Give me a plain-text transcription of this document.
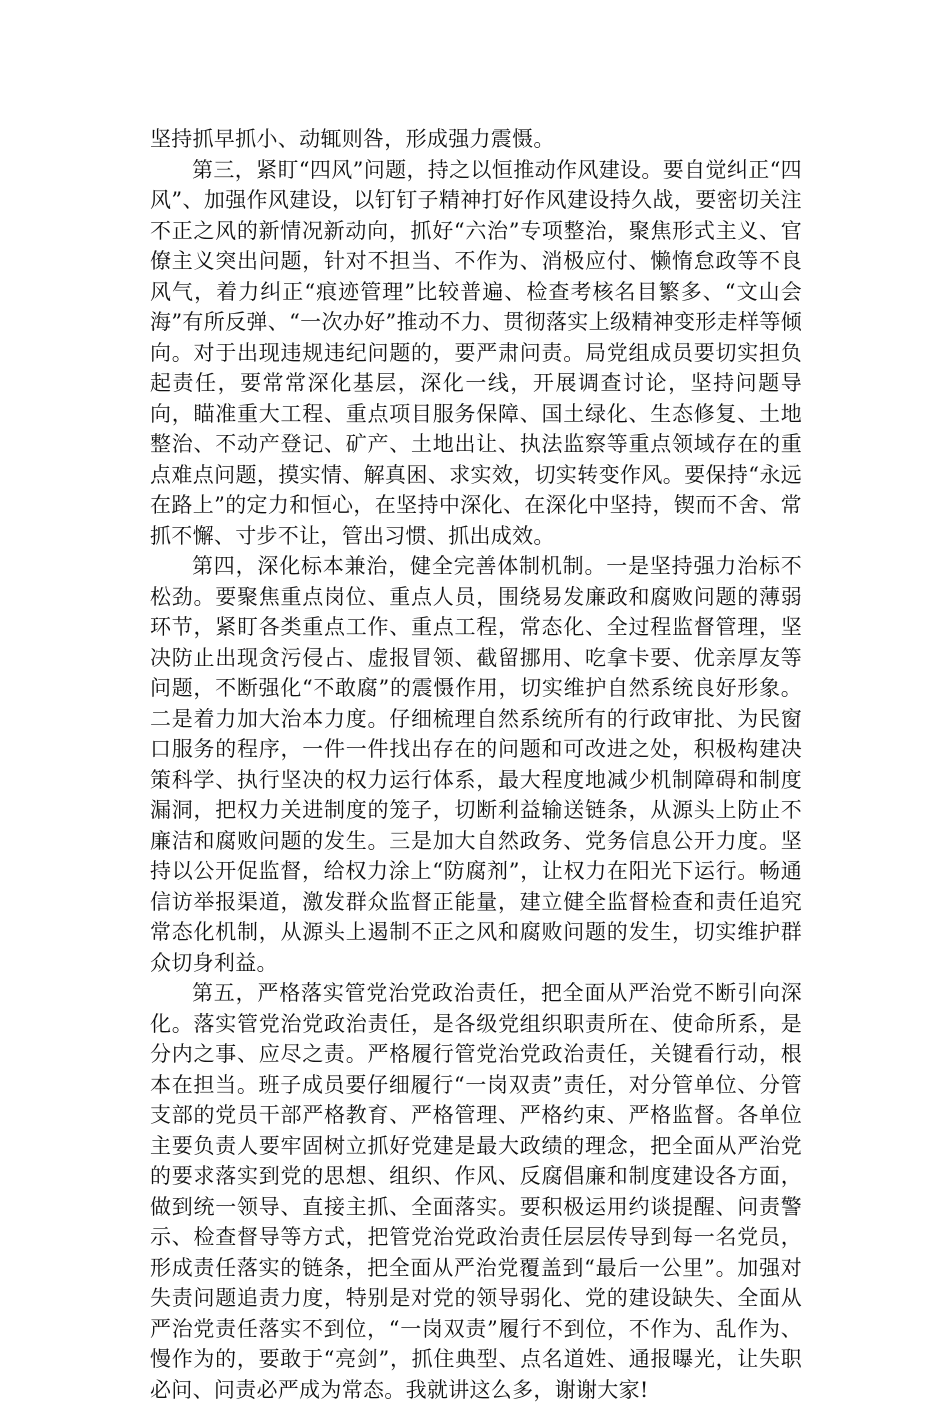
坚持抓早抓小、动辄则咎，形成强力震慑。

第三，紧盯“四风”问题，持之以恒推动作风建设。要自觉纠正“四风”、加强作风建设，以钉钉子精神打好作风建设持久战，要密切关注不正之风的新情况新动向，抓好“六治”专项整治，聚焦形式主义、官僚主义突出问题，针对不担当、不作为、消极应付、懒惰怠政等不良风气，着力纠正“痕迹管理”比较普遍、检查考核名目繁多、“文山会海”有所反弹、“一次办好”推动不力、贯彻落实上级精神变形走样等倾向。对于出现违规违纪问题的，要严肃问责。局党组成员要切实担负起责任，要常常深化基层，深化一线，开展调查讨论，坚持问题导向，瞄准重大工程、重点项目服务保障、国土绿化、生态修复、土地整治、不动产登记、矿产、土地出让、执法监察等重点领域存在的重点难点问题，摸实情、解真困、求实效，切实转变作风。要保持“永远在路上”的定力和恒心，在坚持中深化、在深化中坚持，锲而不舍、常抓不懈、寸步不让，管出习惯、抓出成效。

第四，深化标本兼治，健全完善体制机制。一是坚持强力治标不松劲。要聚焦重点岗位、重点人员，围绕易发廉政和腐败问题的薄弱环节，紧盯各类重点工作、重点工程，常态化、全过程监督管理，坚决防止出现贪污侵占、虚报冒领、截留挪用、吃拿卡要、优亲厚友等问题，不断强化“不敢腐”的震慑作用，切实维护自然系统良好形象。二是着力加大治本力度。仔细梳理自然系统所有的行政审批、为民窗口服务的程序，一件一件找出存在的问题和可改进之处，积极构建决策科学、执行坚决的权力运行体系，最大程度地减少机制障碍和制度漏洞，把权力关进制度的笼子，切断利益输送链条，从源头上防止不廉洁和腐败问题的发生。三是加大自然政务、党务信息公开力度。坚持以公开促监督，给权力涂上“防腐剂”，让权力在阳光下运行。畅通信访举报渠道，激发群众监督正能量，建立健全监督检查和责任追究常态化机制，从源头上遏制不正之风和腐败问题的发生，切实维护群众切身利益。

第五，严格落实管党治党政治责任，把全面从严治党不断引向深化。落实管党治党政治责任，是各级党组织职责所在、使命所系，是分内之事、应尽之责。严格履行管党治党政治责任，关键看行动，根本在担当。班子成员要仔细履行“一岗双责”责任，对分管单位、分管支部的党员干部严格教育、严格管理、严格约束、严格监督。各单位主要负责人要牢固树立抓好党建是最大政绩的理念，把全面从严治党的要求落实到党的思想、组织、作风、反腐倡廉和制度建设各方面，做到统一领导、直接主抓、全面落实。要积极运用约谈提醒、问责警示、检查督导等方式，把管党治党政治责任层层传导到每一名党员，形成责任落实的链条，把全面从严治党覆盖到“最后一公里”。加强对失责问题追责力度，特别是对党的领导弱化、党的建设缺失、全面从严治党责任落实不到位，“一岗双责”履行不到位，不作为、乱作为、慢作为的，要敢于“亮剑”，抓住典型、点名道姓、通报曝光，让失职必问、问责必严成为常态。我就讲这么多，谢谢大家!
